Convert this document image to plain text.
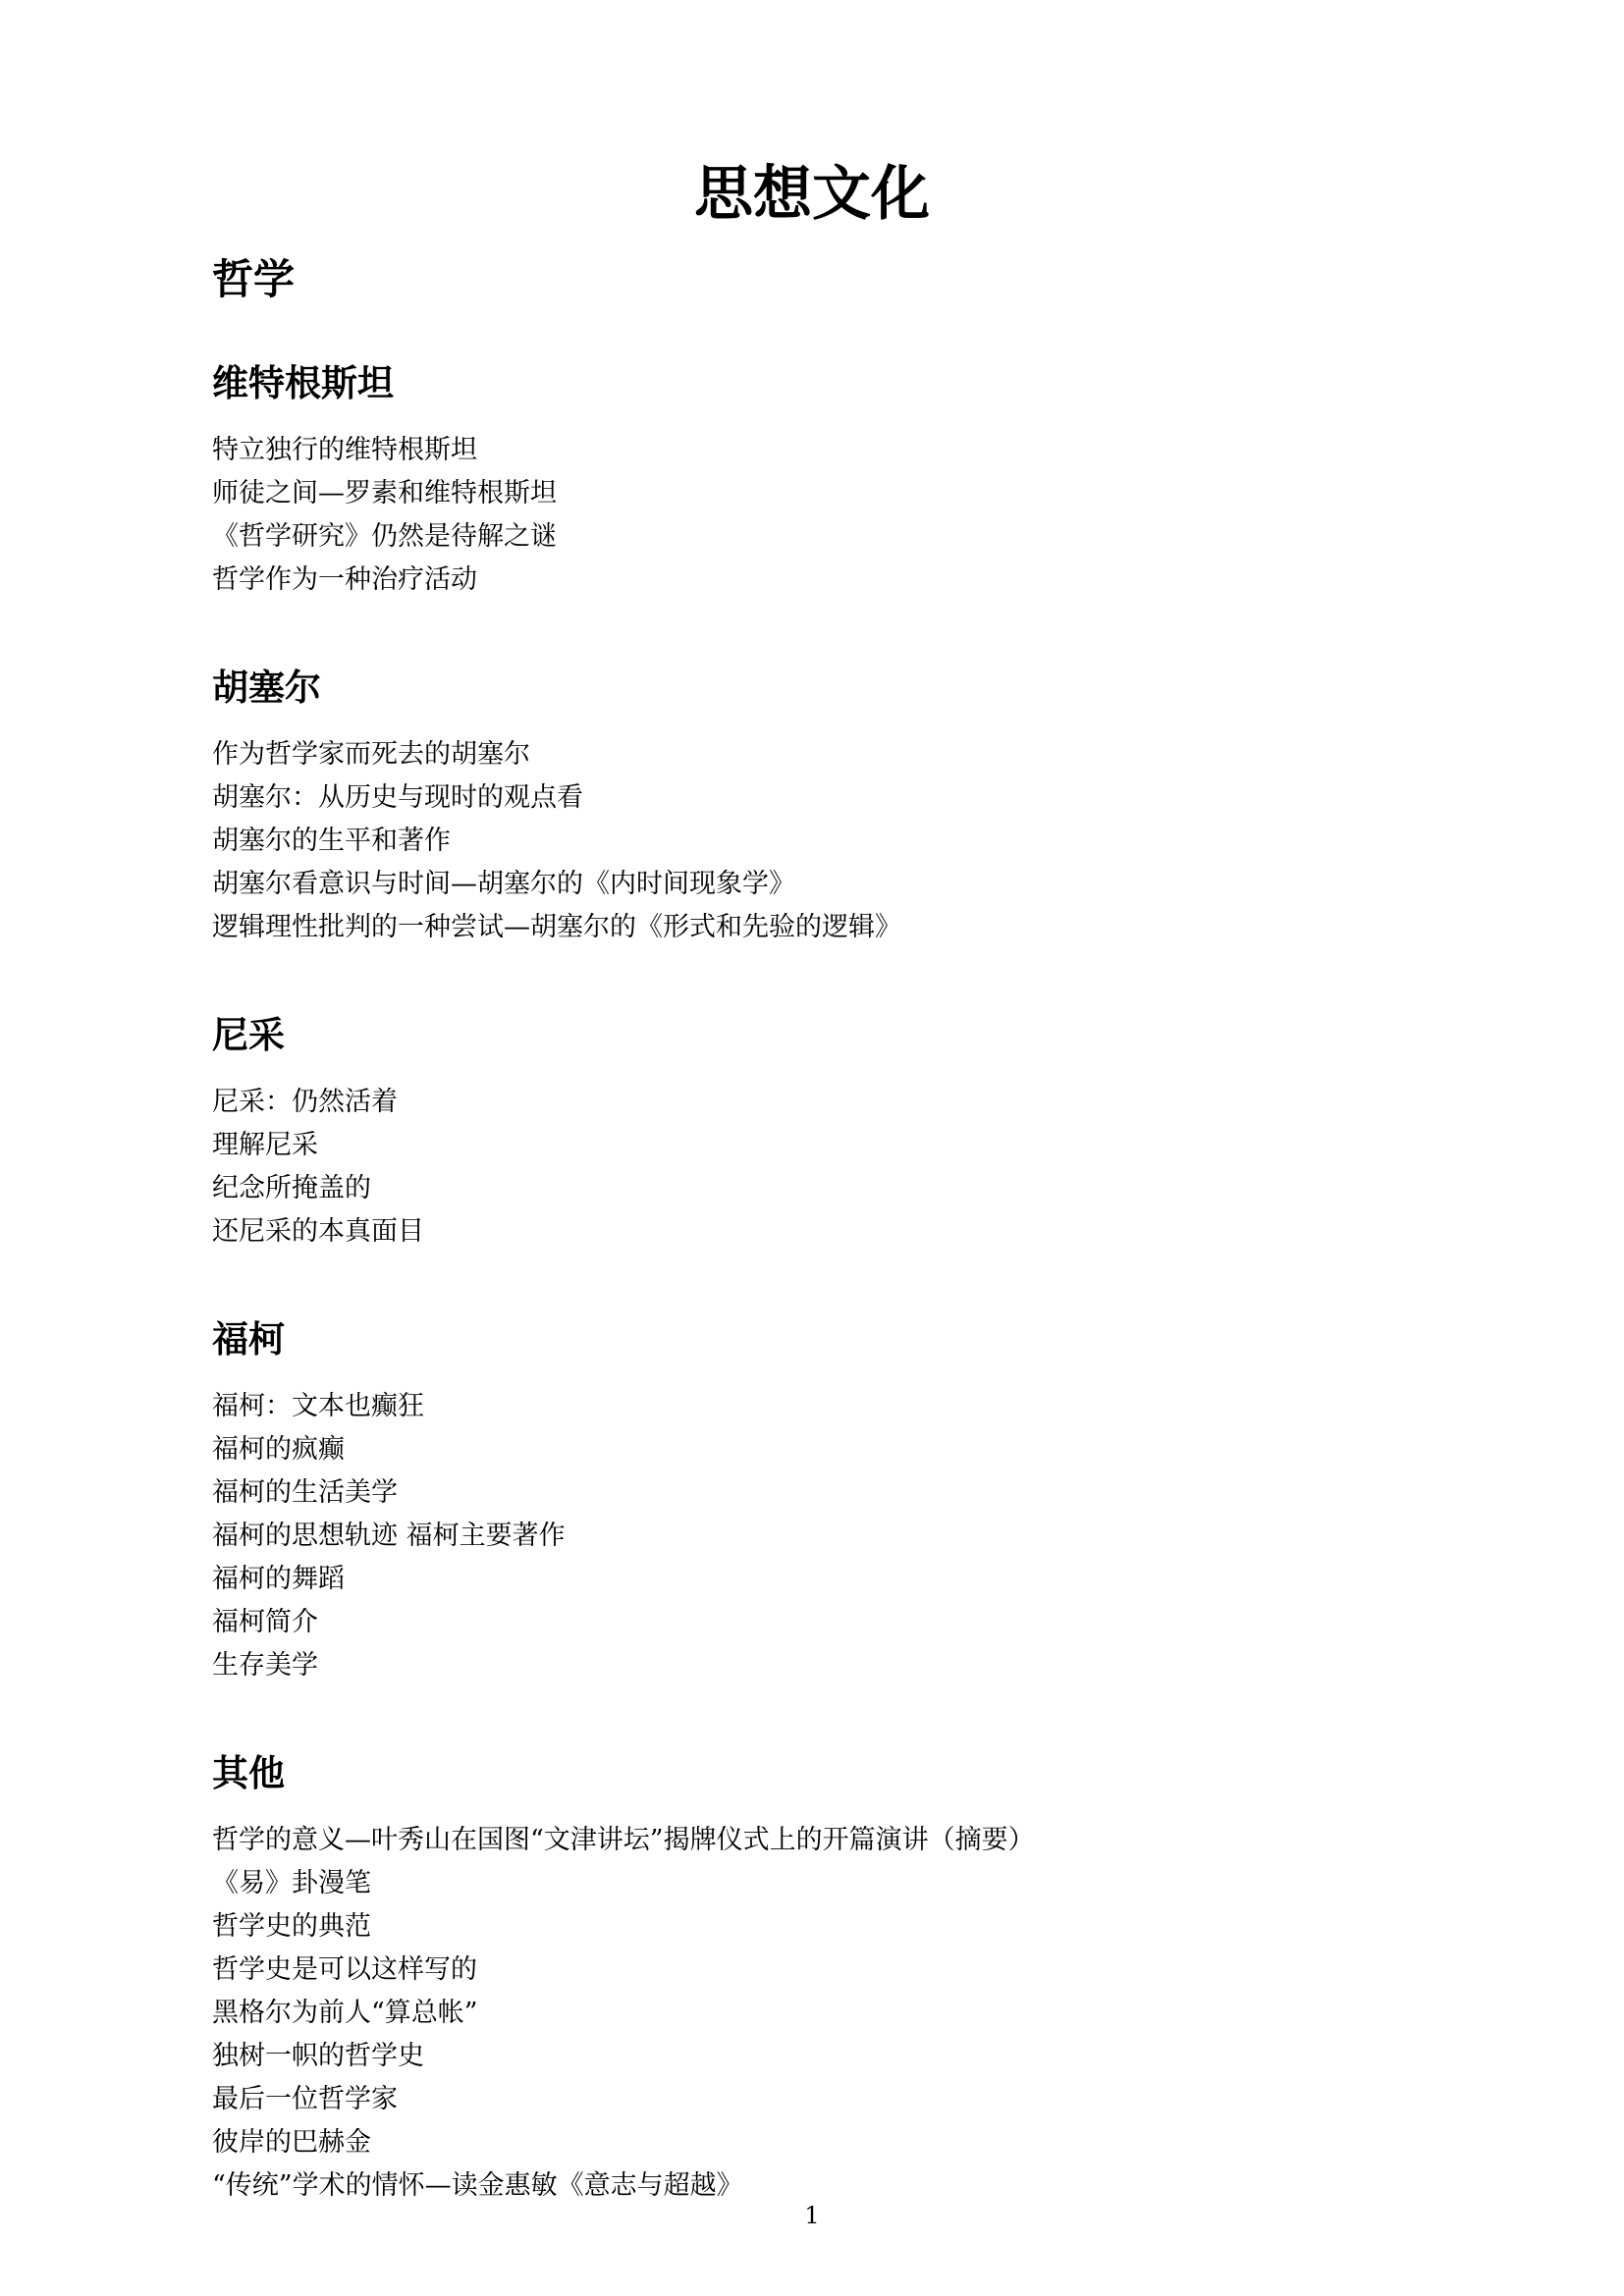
思想文化
哲学
维特根斯坦
特立独行的维特根斯坦
师徒之间—罗素和维特根斯坦
《哲学研究》仍然是待解之谜
哲学作为一种治疗活动
胡塞尔
作为哲学家而死去的胡塞尔
胡塞尔：从历史与现时的观点看
胡塞尔的生平和著作
胡塞尔看意识与时间—胡塞尔的《内时间现象学》
逻辑理性批判的一种尝试—胡塞尔的《形式和先验的逻辑》
尼采
尼采：仍然活着
理解尼采
纪念所掩盖的
还尼采的本真面目
福柯
福柯：文本也癫狂
福柯的疯癫
福柯的生活美学
福柯的思想轨迹 福柯主要著作
福柯的舞蹈
福柯简介
生存美学
其他
哲学的意义—叶秀山在国图“文津讲坛”揭牌仪式上的开篇演讲（摘要）
《易》卦漫笔
哲学史的典范
哲学史是可以这样写的
黑格尔为前人“算总帐”
独树一帜的哲学史
最后一位哲学家
彼岸的巴赫金
“传统”学术的情怀—读金惠敏《意志与超越》
1
